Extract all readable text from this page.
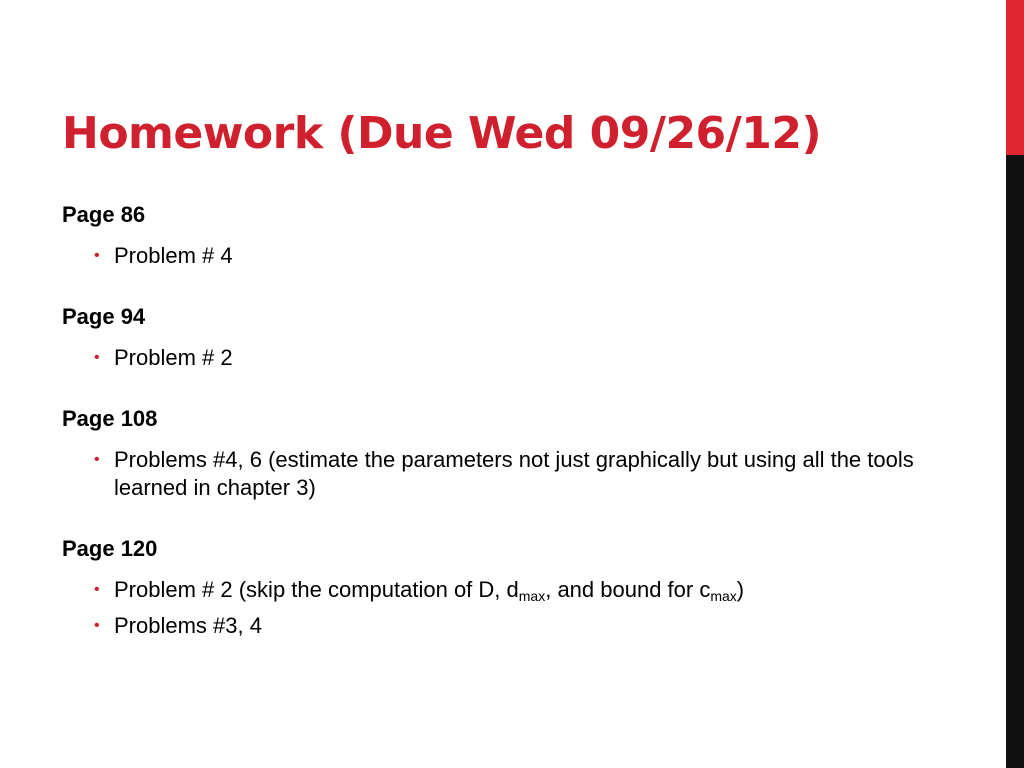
Homework (Due Wed 09/26/12)

Page 86

• Problem # 4

Page 94

• Problem # 2

Page 108

• Problems #4, 6 (estimate the parameters not just graphically but using all the tools learned in chapter 3)

Page 120

• Problem # 2 (skip the computation of D, $d_{max}$, and bound for $c_{max}$)
• Problems #3, 4
